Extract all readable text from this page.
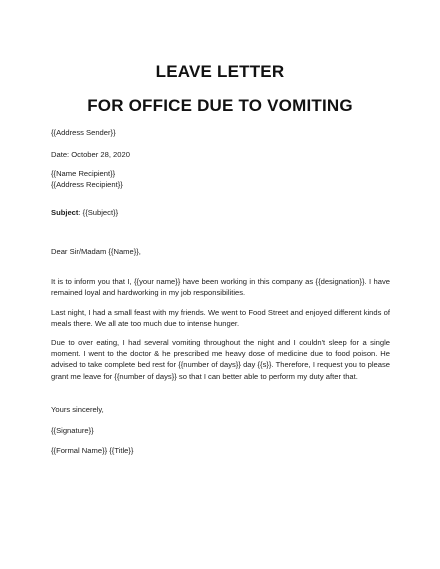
LEAVE LETTER
FOR OFFICE DUE TO VOMITING
{{Address Sender}}
Date: October 28, 2020
{{Name Recipient}}
{{Address Recipient}}
Subject: {{Subject}}
Dear Sir/Madam {{Name}},
It is to inform you that I, {{your name}} have been working in this company as {{designation}}. I have remained loyal and hardworking in my job responsibilities.
Last night, I had a small feast with my friends. We went to Food Street and enjoyed different kinds of meals there. We all ate too much due to intense hunger.
Due to over eating, I had several vomiting throughout the night and I couldn't sleep for a single moment. I went to the doctor & he prescribed me heavy dose of medicine due to food poison. He advised to take complete bed rest for {{number of days}} day {{s}}. Therefore, I request you to please grant me leave for {{number of days}} so that I can better able to perform my duty after that.
Yours sincerely,
{{Signature}}
{{Formal Name}} {{Title}}
